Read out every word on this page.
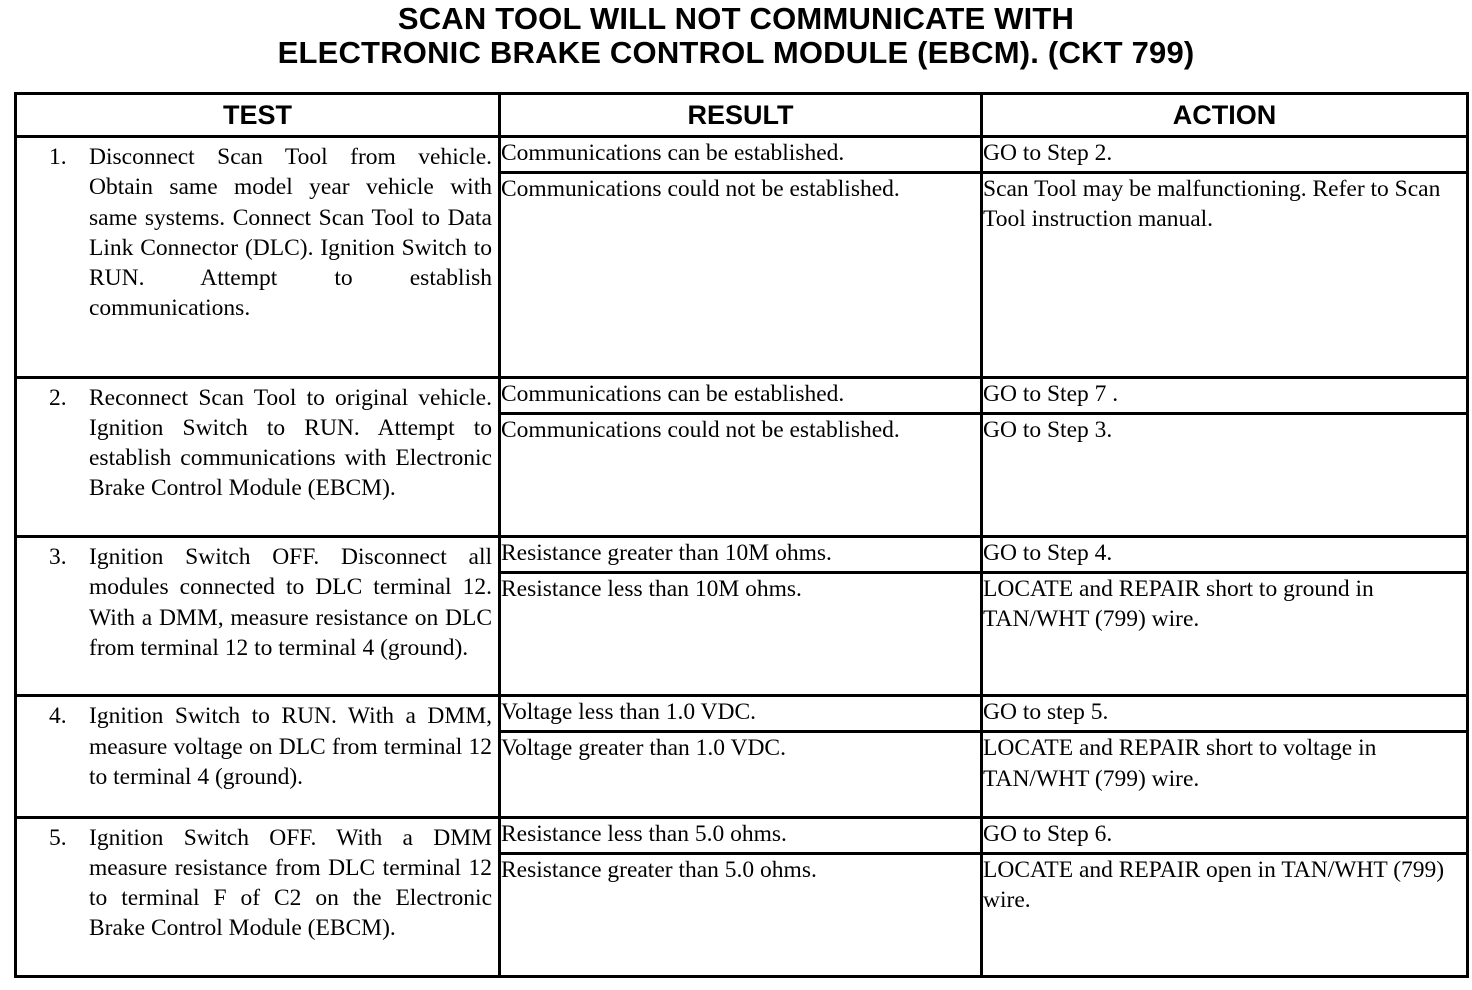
SCAN TOOL WILL NOT COMMUNICATE WITH
ELECTRONIC BRAKE CONTROL MODULE (EBCM). (CKT 799)
TEST	RESULT	ACTION

1. Disconnect Scan Tool from vehicle. Obtain same model year vehicle with same systems. Connect Scan Tool to Data Link Connector (DLC). Ignition Switch to RUN. Attempt to establish communications.	Communications can be established.	GO to Step 2.
	Communications could not be established.	Scan Tool may be malfunctioning. Refer to Scan Tool instruction manual.

2. Reconnect Scan Tool to original vehicle. Ignition Switch to RUN. Attempt to establish communications with Electronic Brake Control Module (EBCM).	Communications can be established.	GO to Step 7 .
	Communications could not be established.	GO to Step 3.

3. Ignition Switch OFF. Disconnect all modules connected to DLC terminal 12. With a DMM, measure resistance on DLC from terminal 12 to terminal 4 (ground).	Resistance greater than 10M ohms.	GO to Step 4.
	Resistance less than 10M ohms.	LOCATE and REPAIR short to ground in TAN/WHT (799) wire.

4. Ignition Switch to RUN. With a DMM, measure voltage on DLC from terminal 12 to terminal 4 (ground).	Voltage less than 1.0 VDC.	GO to step 5.
	Voltage greater than 1.0 VDC.	LOCATE and REPAIR short to voltage in TAN/WHT (799) wire.

5. Ignition Switch OFF. With a DMM measure resistance from DLC terminal 12 to terminal F of C2 on the Electronic Brake Control Module (EBCM).	Resistance less than 5.0 ohms.	GO to Step 6.
	Resistance greater than 5.0 ohms.	LOCATE and REPAIR open in TAN/WHT (799) wire.
